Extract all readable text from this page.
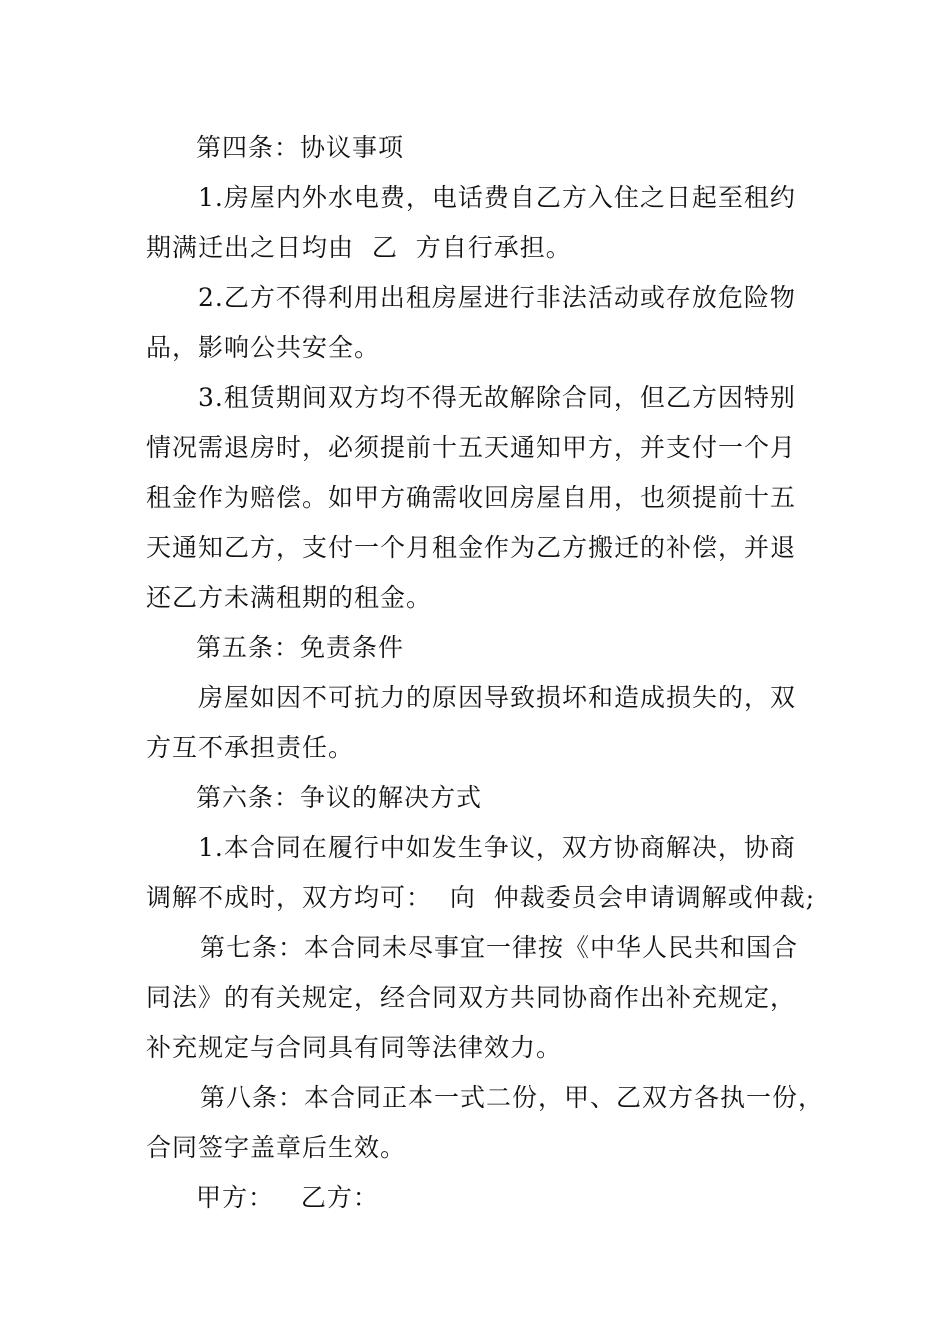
第四条：协议事项
1.房屋内外水电费，电话费自乙方入住之日起至租约
期满迁出之日均由  乙  方自行承担。
2.乙方不得利用出租房屋进行非法活动或存放危险物
品，影响公共安全。
3.租赁期间双方均不得无故解除合同，但乙方因特别
情况需退房时，必须提前十五天通知甲方，并支付一个月
租金作为赔偿。如甲方确需收回房屋自用，也须提前十五
天通知乙方，支付一个月租金作为乙方搬迁的补偿，并退
还乙方未满租期的租金。
第五条：免责条件
房屋如因不可抗力的原因导致损坏和造成损失的，双
方互不承担责任。
第六条：争议的解决方式
1.本合同在履行中如发生争议，双方协商解决，协商
调解不成时，双方均可：  向  仲裁委员会申请调解或仲裁;
第七条：本合同未尽事宜一律按《中华人民共和国合
同法》的有关规定，经合同双方共同协商作出补充规定，
补充规定与合同具有同等法律效力。
第八条：本合同正本一式二份，甲、乙双方各执一份，
合同签字盖章后生效。
甲方：   乙方：
